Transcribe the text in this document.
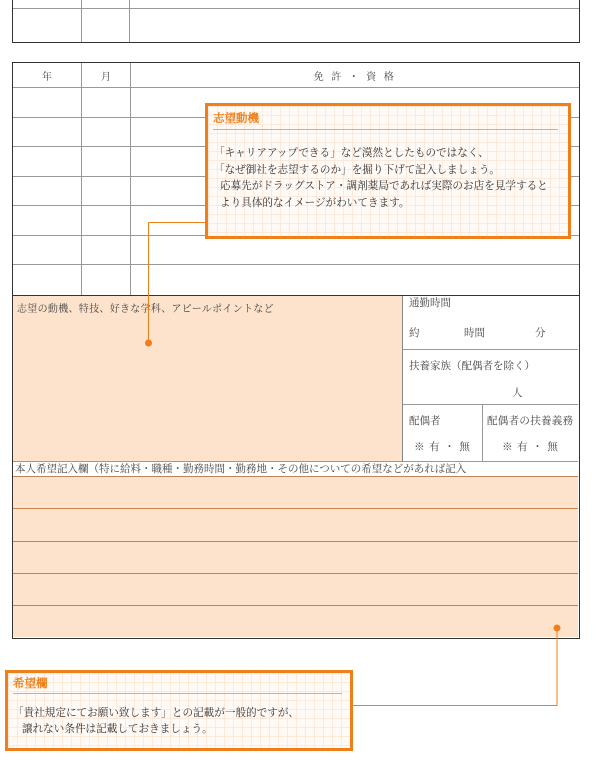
年	月	免 許 ・ 資 格
志望の動機、特技、好きな学科、アピールポイントなど
通勤時間
約	時間	分
扶養家族（配偶者を除く）
人
配偶者
※ 有 ・ 無
配偶者の扶養義務
※ 有 ・ 無
本人希望記入欄（特に給料・職種・勤務時間・勤務地・その他についての希望などがあれば記入
志望動機
「キャリアアップできる」など漠然としたものではなく、
「なぜ御社を志望するのか」を掘り下げて記入しましょう。
応募先がドラッグストア・調剤薬局であれば実際のお店を見学すると
より具体的なイメージがわいてきます。
希望欄
「貴社規定にてお願い致します」との記載が一般的ですが、
譲れない条件は記載しておきましょう。
